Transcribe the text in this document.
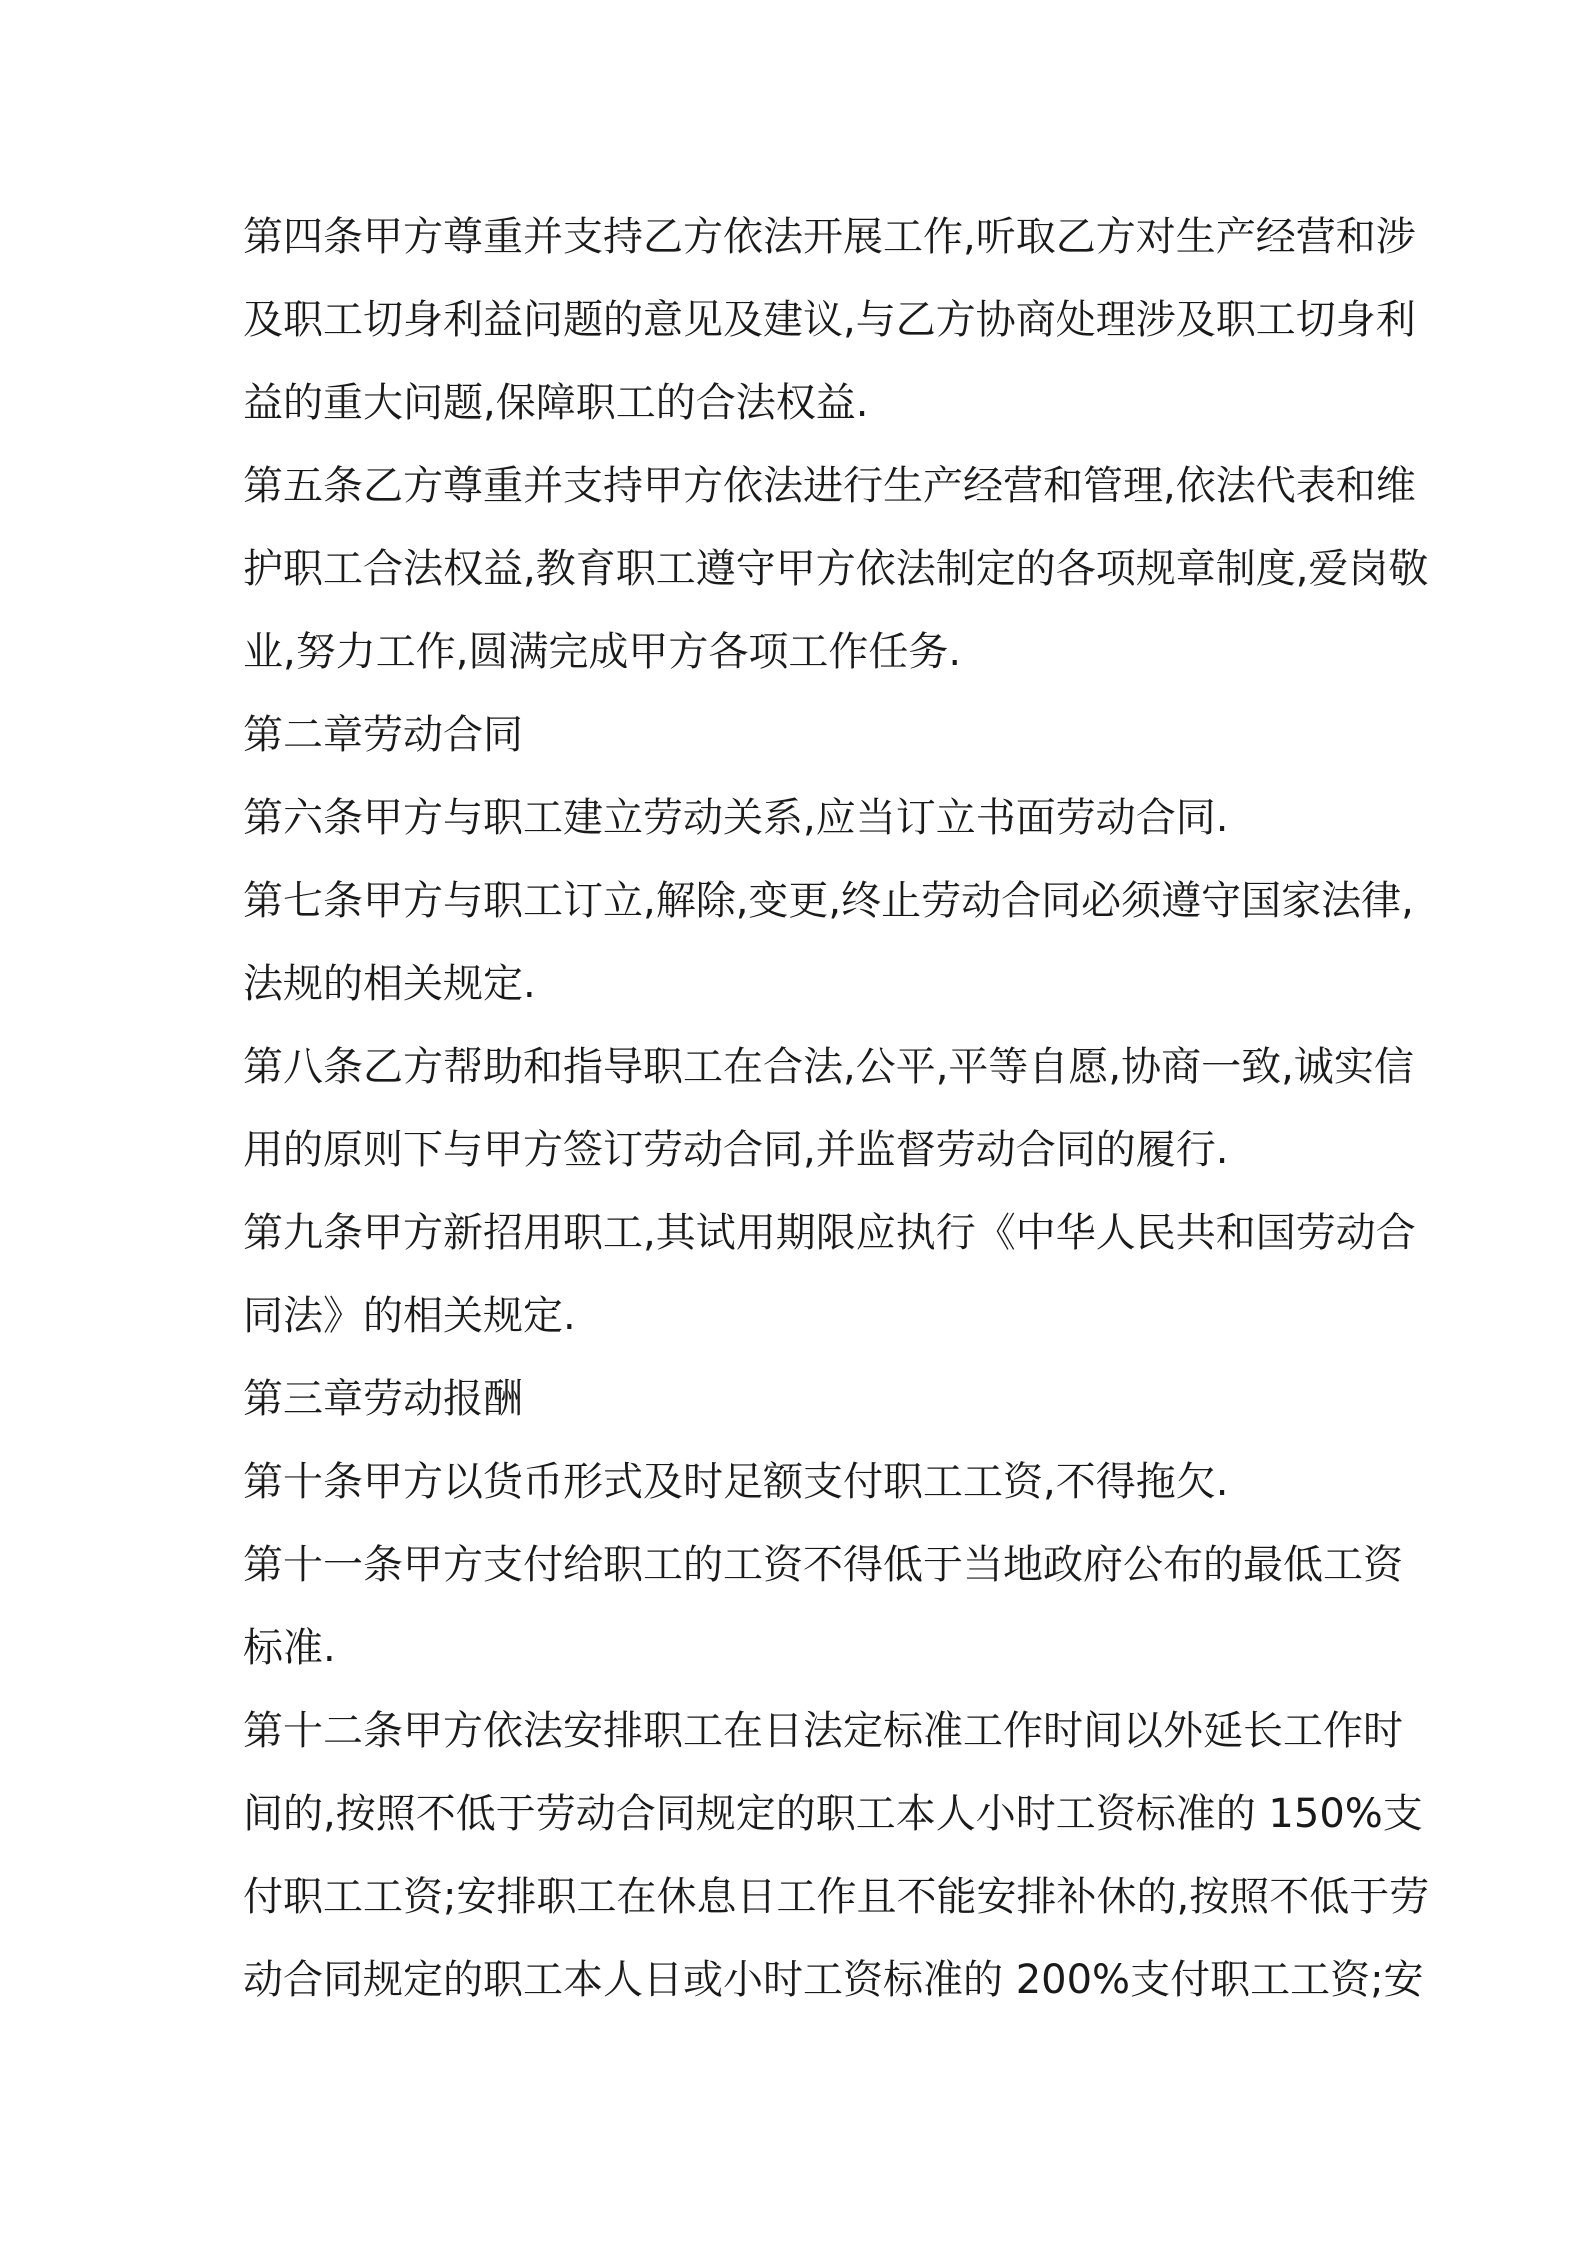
第四条甲方尊重并支持乙方依法开展工作,听取乙方对生产经营和涉
及职工切身利益问题的意见及建议,与乙方协商处理涉及职工切身利
益的重大问题,保障职工的合法权益.
第五条乙方尊重并支持甲方依法进行生产经营和管理,依法代表和维
护职工合法权益,教育职工遵守甲方依法制定的各项规章制度,爱岗敬
业,努力工作,圆满完成甲方各项工作任务.
第二章劳动合同
第六条甲方与职工建立劳动关系,应当订立书面劳动合同.
第七条甲方与职工订立,解除,变更,终止劳动合同必须遵守国家法律,
法规的相关规定.
第八条乙方帮助和指导职工在合法,公平,平等自愿,协商一致,诚实信
用的原则下与甲方签订劳动合同,并监督劳动合同的履行.
第九条甲方新招用职工,其试用期限应执行《中华人民共和国劳动合
同法》的相关规定.
第三章劳动报酬
第十条甲方以货币形式及时足额支付职工工资,不得拖欠.
第十一条甲方支付给职工的工资不得低于当地政府公布的最低工资
标准.
第十二条甲方依法安排职工在日法定标准工作时间以外延长工作时
间的,按照不低于劳动合同规定的职工本人小时工资标准的 150%支
付职工工资;安排职工在休息日工作且不能安排补休的,按照不低于劳
动合同规定的职工本人日或小时工资标准的 200%支付职工工资;安
